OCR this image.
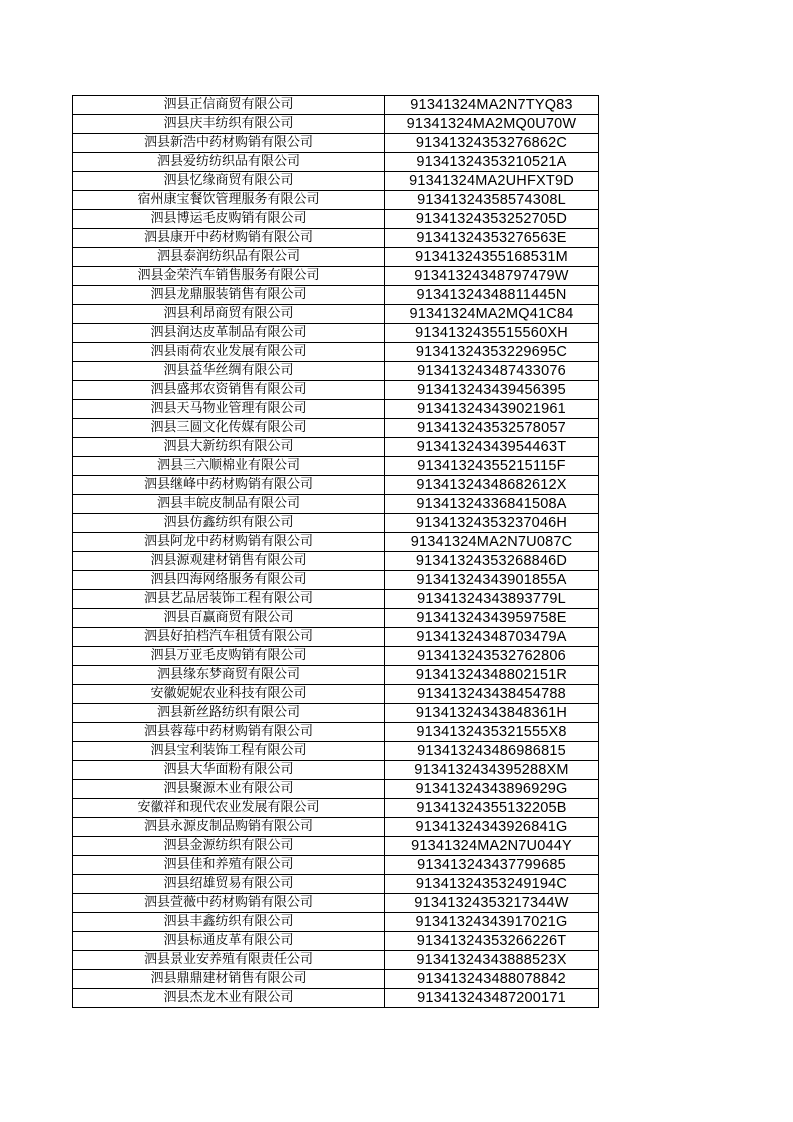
泗县正信商贸有限公司	91341324MA2N7TYQ83
泗县庆丰纺织有限公司	91341324MA2MQ0U70W
泗县新浩中药材购销有限公司	91341324353276862C
泗县爱纺纺织品有限公司	91341324353210521A
泗县忆缘商贸有限公司	91341324MA2UHFXT9D
宿州康宝餐饮管理服务有限公司	91341324358574308L
泗县博运毛皮购销有限公司	91341324353252705D
泗县康开中药材购销有限公司	91341324353276563E
泗县泰润纺织品有限公司	91341324355168531M
泗县金荣汽车销售服务有限公司	91341324348797479W
泗县龙鼎服装销售有限公司	91341324348811445N
泗县利昂商贸有限公司	91341324MA2MQ41C84
泗县润达皮革制品有限公司	9134132435515560XH
泗县雨荷农业发展有限公司	91341324353229695C
泗县益华丝绸有限公司	913413243487433076
泗县盛邦农资销售有限公司	913413243439456395
泗县天马物业管理有限公司	913413243439021961
泗县三圆文化传媒有限公司	913413243532578057
泗县大新纺织有限公司	91341324343954463T
泗县三六顺棉业有限公司	91341324355215115F
泗县继峰中药材购销有限公司	91341324348682612X
泗县丰皖皮制品有限公司	91341324336841508A
泗县仿鑫纺织有限公司	91341324353237046H
泗县阿龙中药材购销有限公司	91341324MA2N7U087C
泗县源观建材销售有限公司	91341324353268846D
泗县四海网络服务有限公司	91341324343901855A
泗县艺品居装饰工程有限公司	91341324343893779L
泗县百赢商贸有限公司	91341324343959758E
泗县好拍档汽车租赁有限公司	91341324348703479A
泗县万亚毛皮购销有限公司	913413243532762806
泗县缘东梦商贸有限公司	91341324348802151R
安徽妮妮农业科技有限公司	913413243438454788
泗县新丝路纺织有限公司	91341324343848361H
泗县蓉莓中药材购销有限公司	9134132435321555X8
泗县宝利装饰工程有限公司	913413243486986815
泗县大华面粉有限公司	9134132434395288XM
泗县聚源木业有限公司	91341324343896929G
安徽祥和现代农业发展有限公司	91341324355132205B
泗县永源皮制品购销有限公司	91341324343926841G
泗县金源纺织有限公司	91341324MA2N7U044Y
泗县佳和养殖有限公司	913413243437799685
泗县绍雄贸易有限公司	91341324353249194C
泗县萱薇中药材购销有限公司	91341324353217344W
泗县丰鑫纺织有限公司	91341324343917021G
泗县标通皮革有限公司	91341324353266226T
泗县景业安养殖有限责任公司	91341324343888523X
泗县鼎鼎建材销售有限公司	913413243488078842
泗县杰龙木业有限公司	913413243487200171
